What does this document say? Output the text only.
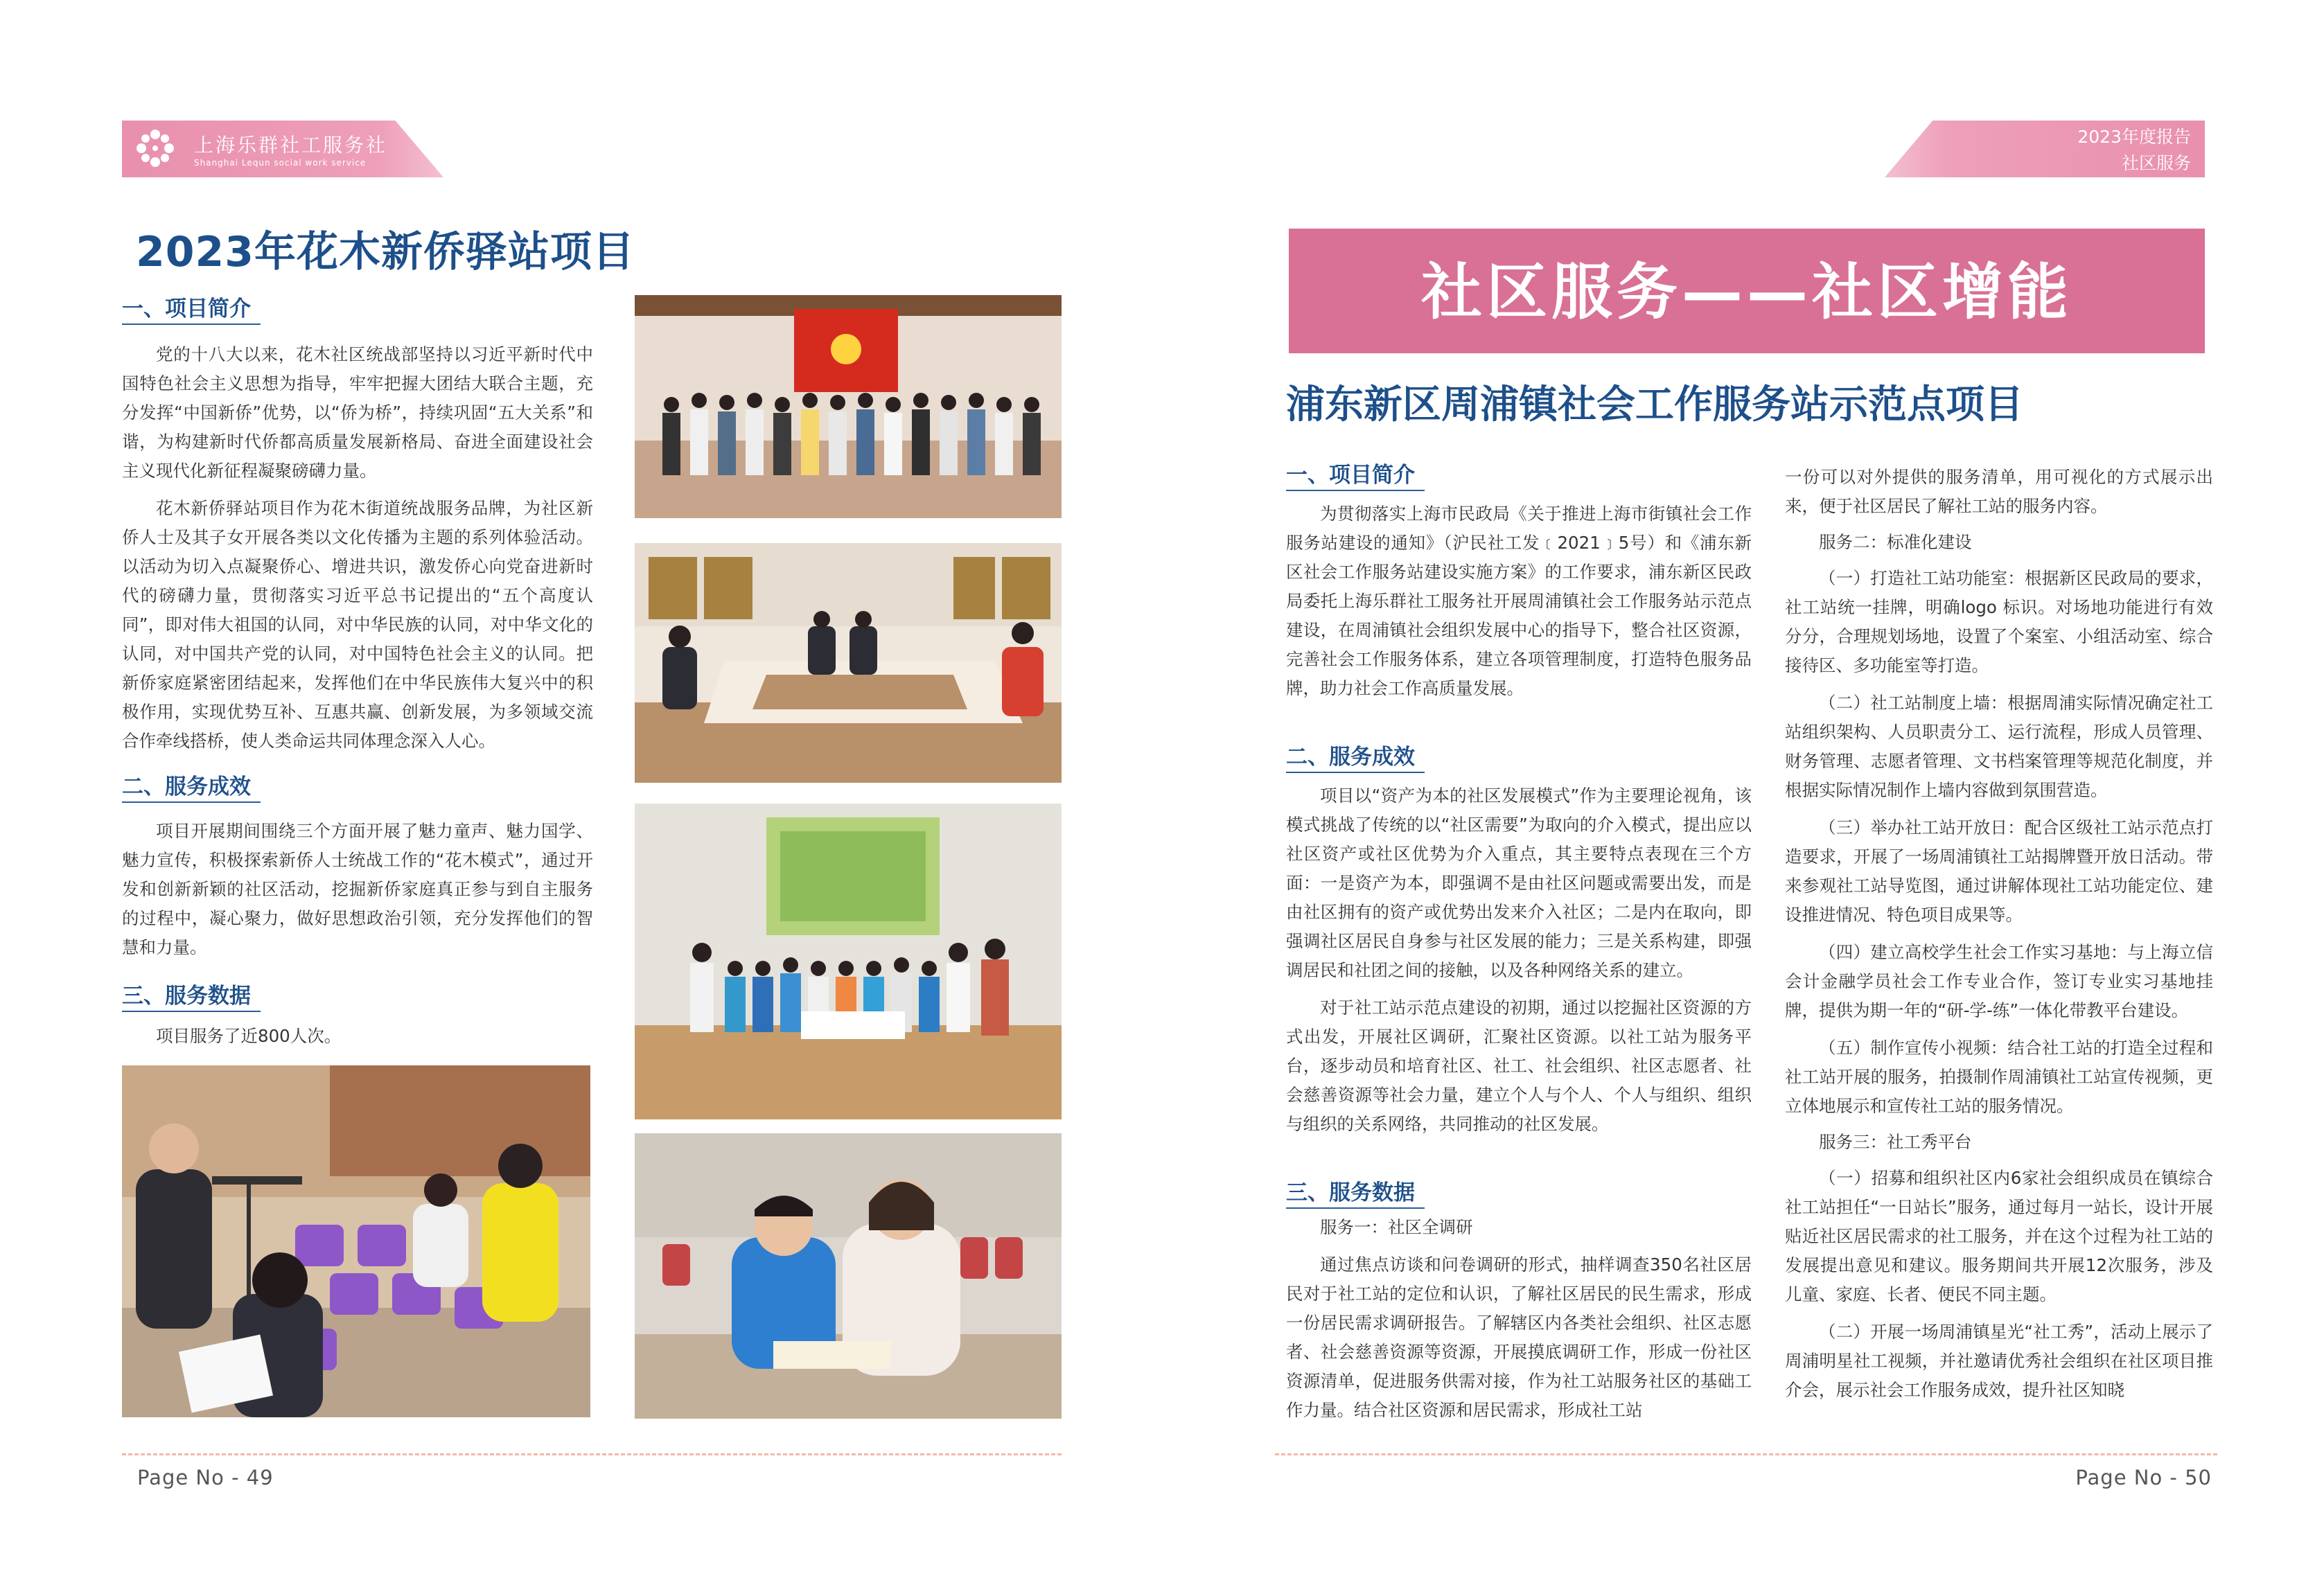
上海乐群社工服务社
Shanghai Lequn social work service
2023年度报告
社区服务
2023年花木新侨驿站项目
一、项目简介

党的十八大以来，花木社区统战部坚持以习近平新时代中国特色社会主义思想为指导，牢牢把握大团结大联合主题，充分发挥“中国新侨”优势，以“侨为桥”，持续巩固“五大关系”和谐，为构建新时代侨都高质量发展新格局、奋进全面建设社会主义现代化新征程凝聚磅礴力量。

花木新侨驿站项目作为花木街道统战服务品牌，为社区新侨人士及其子女开展各类以文化传播为主题的系列体验活动。以活动为切入点凝聚侨心、增进共识，激发侨心向党奋进新时代的磅礴力量，贯彻落实习近平总书记提出的“五个高度认同”，即对伟大祖国的认同，对中华民族的认同，对中华文化的认同，对中国共产党的认同，对中国特色社会主义的认同。把新侨家庭紧密团结起来，发挥他们在中华民族伟大复兴中的积极作用，实现优势互补、互惠共赢、创新发展，为多领域交流合作牵线搭桥，使人类命运共同体理念深入人心。

二、服务成效

项目开展期间围绕三个方面开展了魅力童声、魅力国学、魅力宣传，积极探索新侨人士统战工作的“花木模式”，通过开发和创新新颖的社区活动，挖掘新侨家庭真正参与到自主服务的过程中，凝心聚力，做好思想政治引领，充分发挥他们的智慧和力量。

三、服务数据

项目服务了近800人次。

Page No - 49
社区服务——社区增能
浦东新区周浦镇社会工作服务站示范点项目
一、项目简介

为贯彻落实上海市民政局《关于推进上海市街镇社会工作服务站建设的通知》（沪民社工发﹝2021﹞5号）和《浦东新区社会工作服务站建设实施方案》的工作要求，浦东新区民政局委托上海乐群社工服务社开展周浦镇社会工作服务站示范点建设，在周浦镇社会组织发展中心的指导下，整合社区资源，完善社会工作服务体系，建立各项管理制度，打造特色服务品牌，助力社会工作高质量发展。

二、服务成效

项目以“资产为本的社区发展模式”作为主要理论视角，该模式挑战了传统的以“社区需要”为取向的介入模式，提出应以社区资产或社区优势为介入重点，其主要特点表现在三个方面：一是资产为本，即强调不是由社区问题或需要出发，而是由社区拥有的资产或优势出发来介入社区；二是内在取向，即强调社区居民自身参与社区发展的能力；三是关系构建，即强调居民和社团之间的接触，以及各种网络关系的建立。

对于社工站示范点建设的初期，通过以挖掘社区资源的方式出发，开展社区调研，汇聚社区资源。以社工站为服务平台，逐步动员和培育社区、社工、社会组织、社区志愿者、社会慈善资源等社会力量，建立个人与个人、个人与组织、组织与组织的关系网络，共同推动的社区发展。

三、服务数据

服务一：社区全调研

通过焦点访谈和问卷调研的形式，抽样调查350名社区居民对于社工站的定位和认识，了解社区居民的民生需求，形成一份居民需求调研报告。了解辖区内各类社会组织、社区志愿者、社会慈善资源等资源，开展摸底调研工作，形成一份社区资源清单，促进服务供需对接，作为社工站服务社区的基础工作力量。结合社区资源和居民需求，形成社工站

一份可以对外提供的服务清单，用可视化的方式展示出来，便于社区居民了解社工站的服务内容。

服务二：标准化建设

（一）打造社工站功能室：根据新区民政局的要求，社工站统一挂牌，明确logo 标识。对场地功能进行有效分分，合理规划场地，设置了个案室、小组活动室、综合接待区、多功能室等打造。

（二）社工站制度上墙：根据周浦实际情况确定社工站组织架构、人员职责分工、运行流程，形成人员管理、财务管理、志愿者管理、文书档案管理等规范化制度，并根据实际情况制作上墙内容做到氛围营造。

（三）举办社工站开放日：配合区级社工站示范点打造要求，开展了一场周浦镇社工站揭牌暨开放日活动。带来参观社工站导览图，通过讲解体现社工站功能定位、建设推进情况、特色项目成果等。

（四）建立高校学生社会工作实习基地：与上海立信会计金融学员社会工作专业合作，签订专业实习基地挂牌，提供为期一年的“研-学-练”一体化带教平台建设。

（五）制作宣传小视频：结合社工站的打造全过程和社工站开展的服务，拍摄制作周浦镇社工站宣传视频，更立体地展示和宣传社工站的服务情况。

服务三：社工秀平台

（一）招募和组织社区内6家社会组织成员在镇综合社工站担任“一日站长”服务，通过每月一站长，设计开展贴近社区居民需求的社工服务，并在这个过程为社工站的发展提出意见和建议。服务期间共开展12次服务，涉及儿童、家庭、长者、便民不同主题。

（二）开展一场周浦镇星光“社工秀”，活动上展示了周浦明星社工视频，并社邀请优秀社会组织在社区项目推介会，展示社会工作服务成效，提升社区知晓

Page No - 50
